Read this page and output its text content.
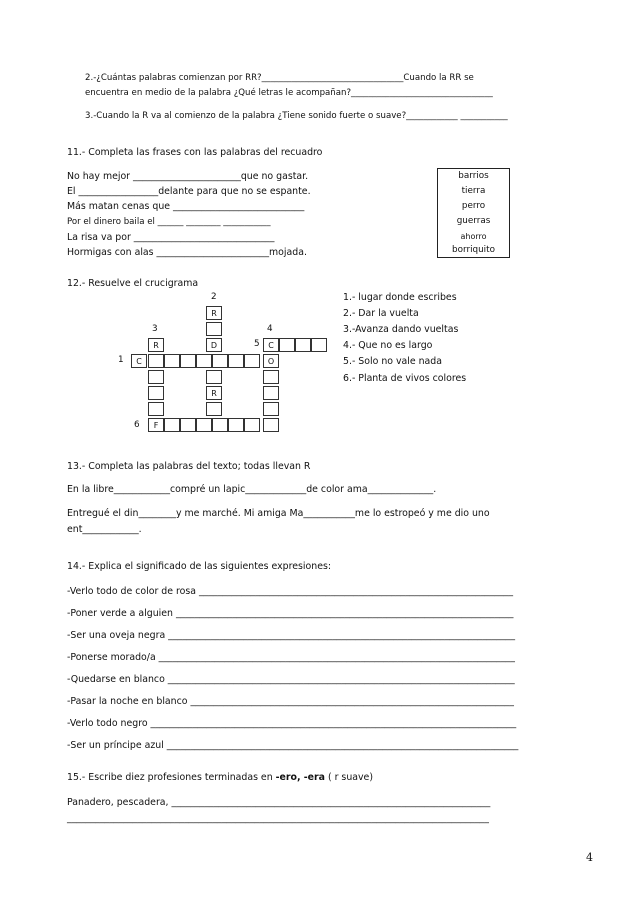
2.-¿Cuántas palabras comienzan por RR?_________________________________Cuando la RR se
encuentra en medio de la palabra ¿Qué letras le acompañan?_________________________________
3.-Cuando la R va al comienzo de la palabra ¿Tiene sonido fuerte o suave?____________ ___________
11.- Completa las frases con las palabras del recuadro
No hay mejor _______________________que no gastar.
El _________________delante para que no se espante.
Más matan cenas que ____________________________
Por el dinero baila el ______ ________ ___________
La risa va por ______________________________
Hormigas con alas ________________________mojada.
barrios
tierra
perro
guerras
ahorro
borriquito
12.- Resuelve el crucigrama
2
3	4
1
5
6
R
R	D	C
C	O
R
F
1.- lugar donde escribes
2.- Dar la vuelta
3.-Avanza dando vueltas
4.- Que no es largo
5.- Solo no vale nada
6.- Planta de vivos colores
13.- Completa las palabras del texto; todas llevan R
En la libre____________compré un lapic_____________de color ama______________.
Entregué el din________y me marché. Mi amiga Ma___________me lo estropeó y me dio uno
ent____________.
14.- Explica el significado de las siguientes expresiones:
-Verlo todo de color de rosa ___________________________________________________________________
-Poner verde a alguien ________________________________________________________________________
-Ser una oveja negra __________________________________________________________________________
-Ponerse morado/a ____________________________________________________________________________
-Quedarse en blanco __________________________________________________________________________
-Pasar la noche en blanco _____________________________________________________________________
-Verlo todo negro ______________________________________________________________________________
-Ser un príncipe azul ___________________________________________________________________________
15.- Escribe diez profesiones terminadas en -ero, -era ( r suave)
Panadero, pescadera, ____________________________________________________________________
__________________________________________________________________________________________
4
